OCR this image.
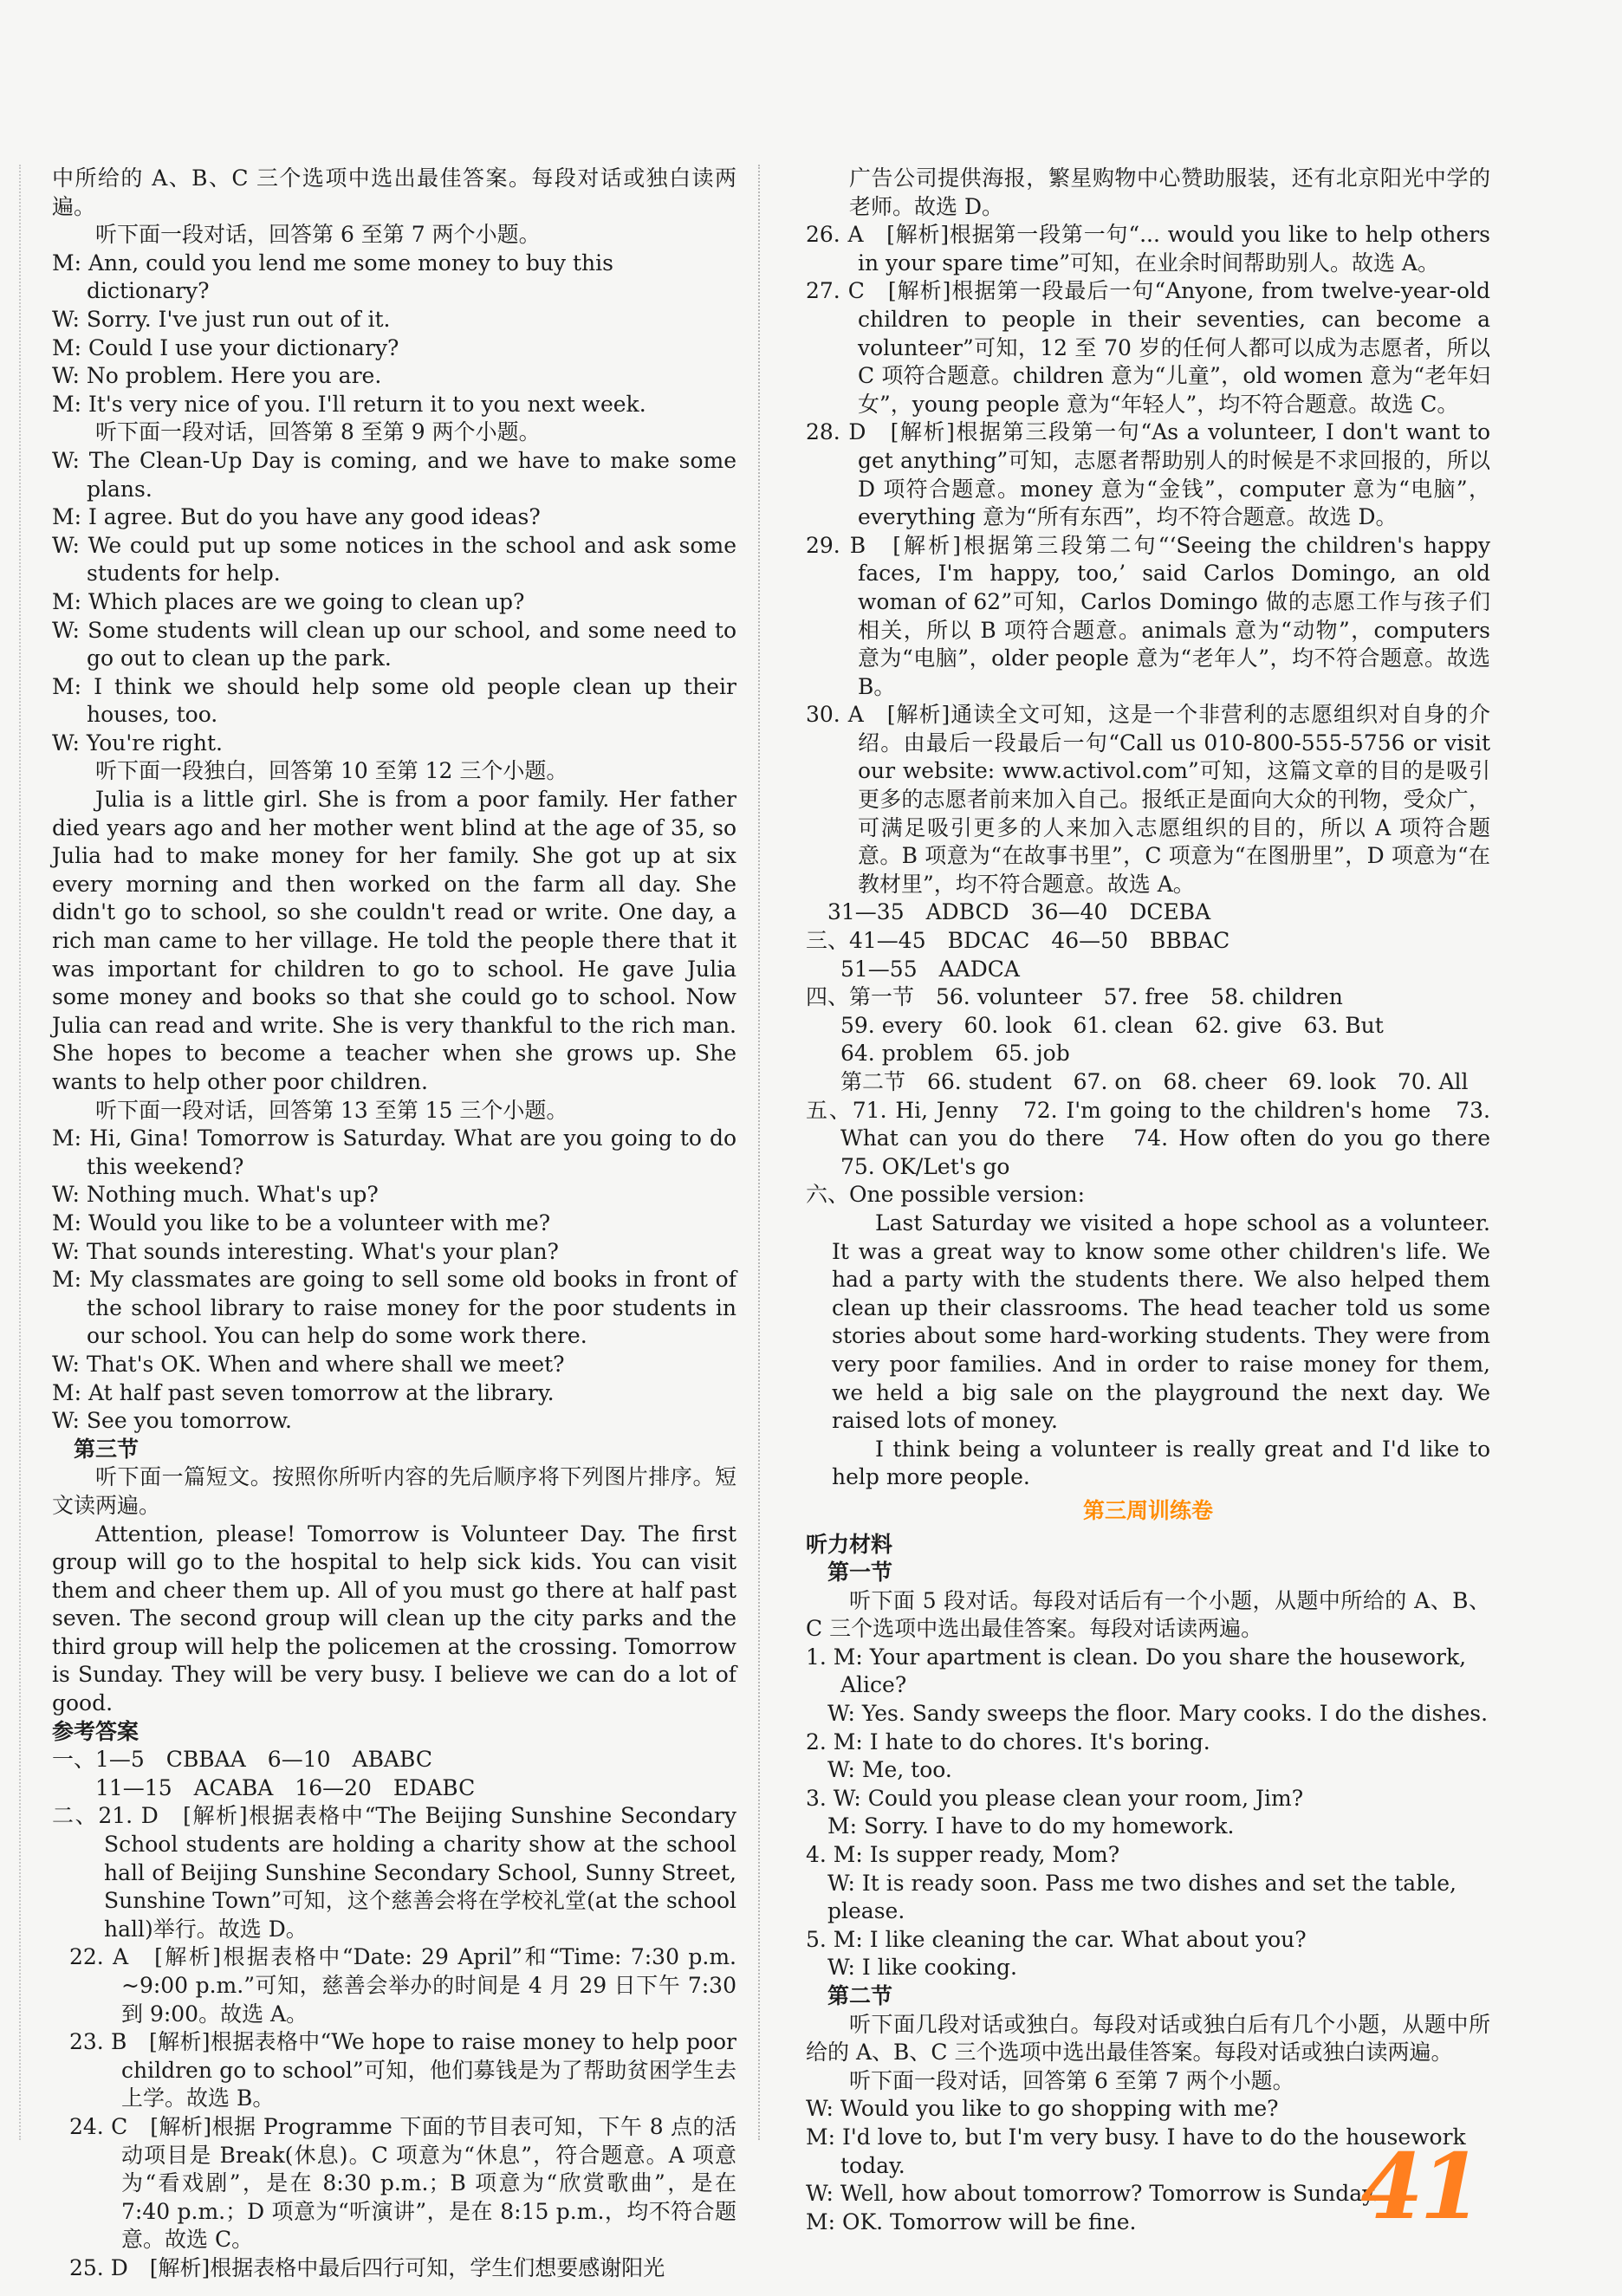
中所给的 A、B、C 三个选项中选出最佳答案。每段对话或独白读两遍。

听下面一段对话，回答第 6 至第 7 两个小题。

M: Ann, could you lend me some money to buy this dictionary?

W: Sorry. I've just run out of it.

M: Could I use your dictionary?

W: No problem. Here you are.

M: It's very nice of you. I'll return it to you next week.

听下面一段对话，回答第 8 至第 9 两个小题。

W: The Clean-Up Day is coming, and we have to make some plans.

M: I agree. But do you have any good ideas?

W: We could put up some notices in the school and ask some students for help.

M: Which places are we going to clean up?

W: Some students will clean up our school, and some need to go out to clean up the park.

M: I think we should help some old people clean up their houses, too.

W: You're right.

听下面一段独白，回答第 10 至第 12 三个小题。

Julia is a little girl. She is from a poor family. Her father died years ago and her mother went blind at the age of 35, so Julia had to make money for her family. She got up at six every morning and then worked on the farm all day. She didn't go to school, so she couldn't read or write. One day, a rich man came to her village. He told the people there that it was important for children to go to school. He gave Julia some money and books so that she could go to school. Now Julia can read and write. She is very thankful to the rich man. She hopes to become a teacher when she grows up. She wants to help other poor children.

听下面一段对话，回答第 13 至第 15 三个小题。

M: Hi, Gina! Tomorrow is Saturday. What are you going to do this weekend?

W: Nothing much. What's up?

M: Would you like to be a volunteer with me?

W: That sounds interesting. What's your plan?

M: My classmates are going to sell some old books in front of the school library to raise money for the poor students in our school. You can help do some work there.

W: That's OK. When and where shall we meet?

M: At half past seven tomorrow at the library.

W: See you tomorrow.

第三节

听下面一篇短文。按照你所听内容的先后顺序将下列图片排序。短文读两遍。

Attention, please! Tomorrow is Volunteer Day. The first group will go to the hospital to help sick kids. You can visit them and cheer them up. All of you must go there at half past seven. The second group will clean up the city parks and the third group will help the policemen at the crossing. Tomorrow is Sunday. They will be very busy. I believe we can do a lot of good.

参考答案

一、1—5　CBBAA　6—10　ABABC

11—15　ACABA　16—20　EDABC

二、21. D　[解析]根据表格中“The Beijing Sunshine Secondary School students are holding a charity show at the school hall of Beijing Sunshine Secondary School, Sunny Street, Sunshine Town”可知，这个慈善会将在学校礼堂(at the school hall)举行。故选 D。

22. A　[解析]根据表格中“Date: 29 April”和“Time: 7:30 p.m. ~9:00 p.m.”可知，慈善会举办的时间是 4 月 29 日下午 7:30 到 9:00。故选 A。

23. B　[解析]根据表格中“We hope to raise money to help poor children go to school”可知，他们募钱是为了帮助贫困学生去上学。故选 B。

24. C　[解析]根据 Programme 下面的节目表可知，下午 8 点的活动项目是 Break(休息)。C 项意为“休息”，符合题意。A 项意为“看戏剧”，是在 8:30 p.m.；B 项意为“欣赏歌曲”，是在 7:40 p.m.；D 项意为“听演讲”，是在 8:15 p.m.，均不符合题意。故选 C。

25. D　[解析]根据表格中最后四行可知，学生们想要感谢阳光

广告公司提供海报，繁星购物中心赞助服装，还有北京阳光中学的老师。故选 D。

26. A　[解析]根据第一段第一句“... would you like to help others in your spare time”可知，在业余时间帮助别人。故选 A。

27. C　[解析]根据第一段最后一句“Anyone, from twelve-year-old children to people in their seventies, can become a volunteer”可知，12 至 70 岁的任何人都可以成为志愿者，所以 C 项符合题意。children 意为“儿童”，old women 意为“老年妇女”，young people 意为“年轻人”，均不符合题意。故选 C。

28. D　[解析]根据第三段第一句“As a volunteer, I don't want to get anything”可知，志愿者帮助别人的时候是不求回报的，所以 D 项符合题意。money 意为“金钱”，computer 意为“电脑”，everything 意为“所有东西”，均不符合题意。故选 D。

29. B　[解析]根据第三段第二句“‘Seeing the children's happy faces, I'm happy, too,’ said Carlos Domingo, an old woman of 62”可知，Carlos Domingo 做的志愿工作与孩子们相关，所以 B 项符合题意。animals 意为“动物”，computers 意为“电脑”，older people 意为“老年人”，均不符合题意。故选 B。

30. A　[解析]通读全文可知，这是一个非营利的志愿组织对自身的介绍。由最后一段最后一句“Call us 010-800-555-5756 or visit our website: www.activol.com”可知，这篇文章的目的是吸引更多的志愿者前来加入自己。报纸正是面向大众的刊物，受众广，可满足吸引更多的人来加入志愿组织的目的，所以 A 项符合题意。B 项意为“在故事书里”，C 项意为“在图册里”，D 项意为“在教材里”，均不符合题意。故选 A。

31—35　ADBCD　36—40　DCEBA

三、41—45　BDCAC　46—50　BBBAC

51—55　AADCA

四、第一节　56. volunteer　57. free　58. children

59. every　60. look　61. clean　62. give　63. But

64. problem　65. job

第二节　66. student　67. on　68. cheer　69. look　70. All

五、71. Hi, Jenny　72. I'm going to the children's home　73. What can you do there　74. How often do you go there　75. OK/Let's go

六、One possible version:

Last Saturday we visited a hope school as a volunteer. It was a great way to know some other children's life. We had a party with the students there. We also helped them clean up their classrooms. The head teacher told us some stories about some hard-working students. They were from very poor families. And in order to raise money for them, we held a big sale on the playground the next day. We raised lots of money.

I think being a volunteer is really great and I'd like to help more people.

第三周训练卷

听力材料

第一节

听下面 5 段对话。每段对话后有一个小题，从题中所给的 A、B、C 三个选项中选出最佳答案。每段对话读两遍。

1. M: Your apartment is clean. Do you share the housework, Alice?

W: Yes. Sandy sweeps the floor. Mary cooks. I do the dishes.

2. M: I hate to do chores. It's boring.

W: Me, too.

3. W: Could you please clean your room, Jim?

M: Sorry. I have to do my homework.

4. M: Is supper ready, Mom?

W: It is ready soon. Pass me two dishes and set the table, please.

5. M: I like cleaning the car. What about you?

W: I like cooking.

第二节

听下面几段对话或独白。每段对话或独白后有几个小题，从题中所给的 A、B、C 三个选项中选出最佳答案。每段对话或独白读两遍。

听下面一段对话，回答第 6 至第 7 两个小题。

W: Would you like to go shopping with me?

M: I'd love to, but I'm very busy. I have to do the housework today.

W: Well, how about tomorrow? Tomorrow is Sunday.

M: OK. Tomorrow will be fine.	41
